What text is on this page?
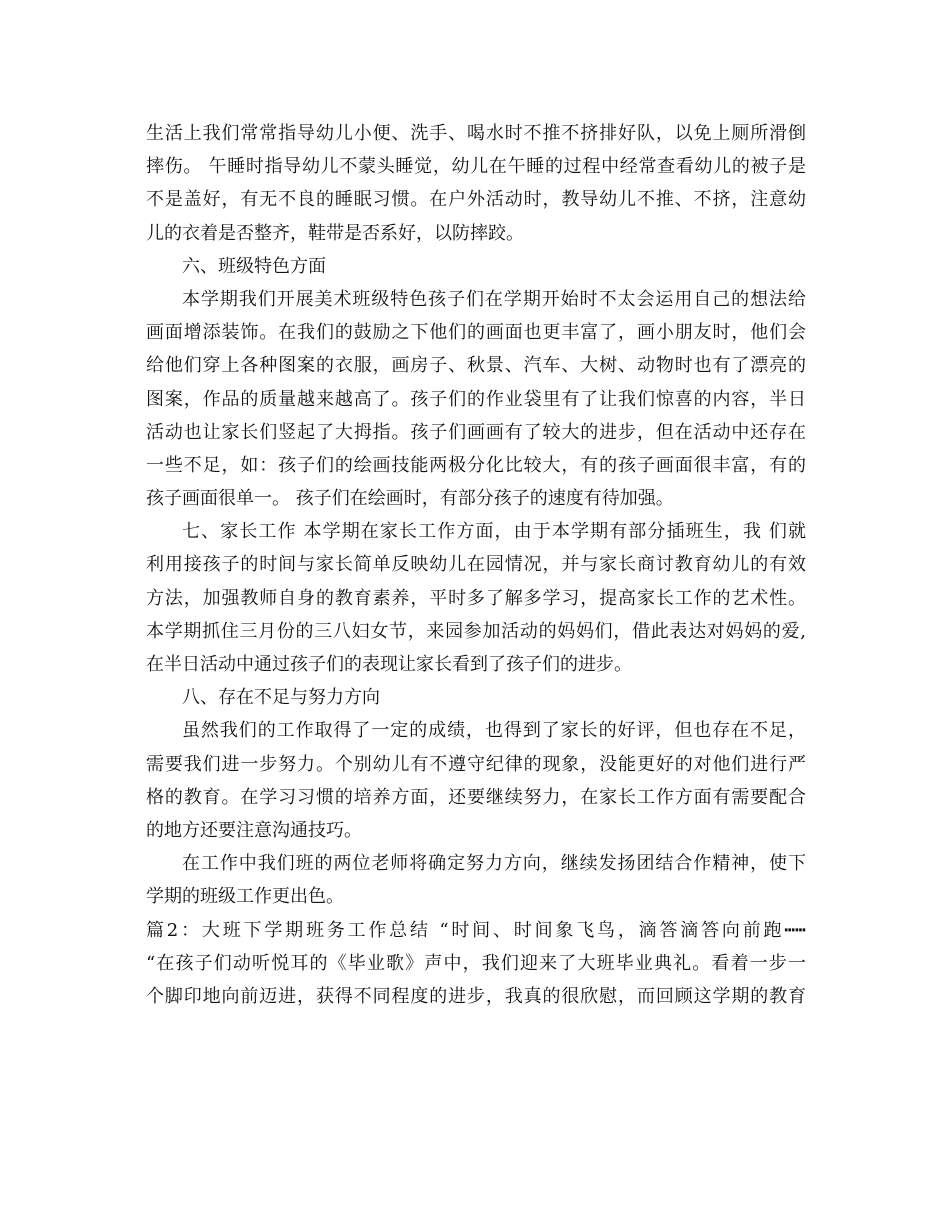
生活上我们常常指导幼儿小便、洗手、喝水时不推不挤排好队，以免上厕所滑倒
摔伤。 午睡时指导幼儿不蒙头睡觉，幼儿在午睡的过程中经常查看幼儿的被子是
不是盖好，有无不良的睡眠习惯。在户外活动时，教导幼儿不推、不挤，注意幼
儿的衣着是否整齐，鞋带是否系好，以防摔跤。
六、班级特色方面
本学期我们开展美术班级特色孩子们在学期开始时不太会运用自己的想法给
画面增添装饰。在我们的鼓励之下他们的画面也更丰富了，画小朋友时，他们会
给他们穿上各种图案的衣服，画房子、秋景、汽车、大树、动物时也有了漂亮的
图案，作品的质量越来越高了。孩子们的作业袋里有了让我们惊喜的内容，半日
活动也让家长们竖起了大拇指。孩子们画画有了较大的进步，但在活动中还存在
一些不足，如：孩子们的绘画技能两极分化比较大，有的孩子画面很丰富，有的
孩子画面很单一。 孩子们在绘画时，有部分孩子的速度有待加强。
七、家长工作 本学期在家长工作方面，由于本学期有部分插班生，我 们就
利用接孩子的时间与家长简单反映幼儿在园情况，并与家长商讨教育幼儿的有效
方法，加强教师自身的教育素养，平时多了解多学习，提高家长工作的艺术性。
本学期抓住三月份的三八妇女节，来园参加活动的妈妈们，借此表达对妈妈的爱,
在半日活动中通过孩子们的表现让家长看到了孩子们的进步。
八、存在不足与努力方向
虽然我们的工作取得了一定的成绩，也得到了家长的好评，但也存在不足，
需要我们进一步努力。个别幼儿有不遵守纪律的现象，没能更好的对他们进行严
格的教育。在学习习惯的培养方面，还要继续努力，在家长工作方面有需要配合
的地方还要注意沟通技巧。
在工作中我们班的两位老师将确定努力方向，继续发扬团结合作精神，使下
学期的班级工作更出色。
篇2：大班下学期班务工作总结 “时间、时间象飞鸟，滴答滴答向前跑┅┅
“在孩子们动听悦耳的《毕业歌》声中，我们迎来了大班毕业典礼。看着一步一
个脚印地向前迈进，获得不同程度的进步，我真的很欣慰，而回顾这学期的教育
